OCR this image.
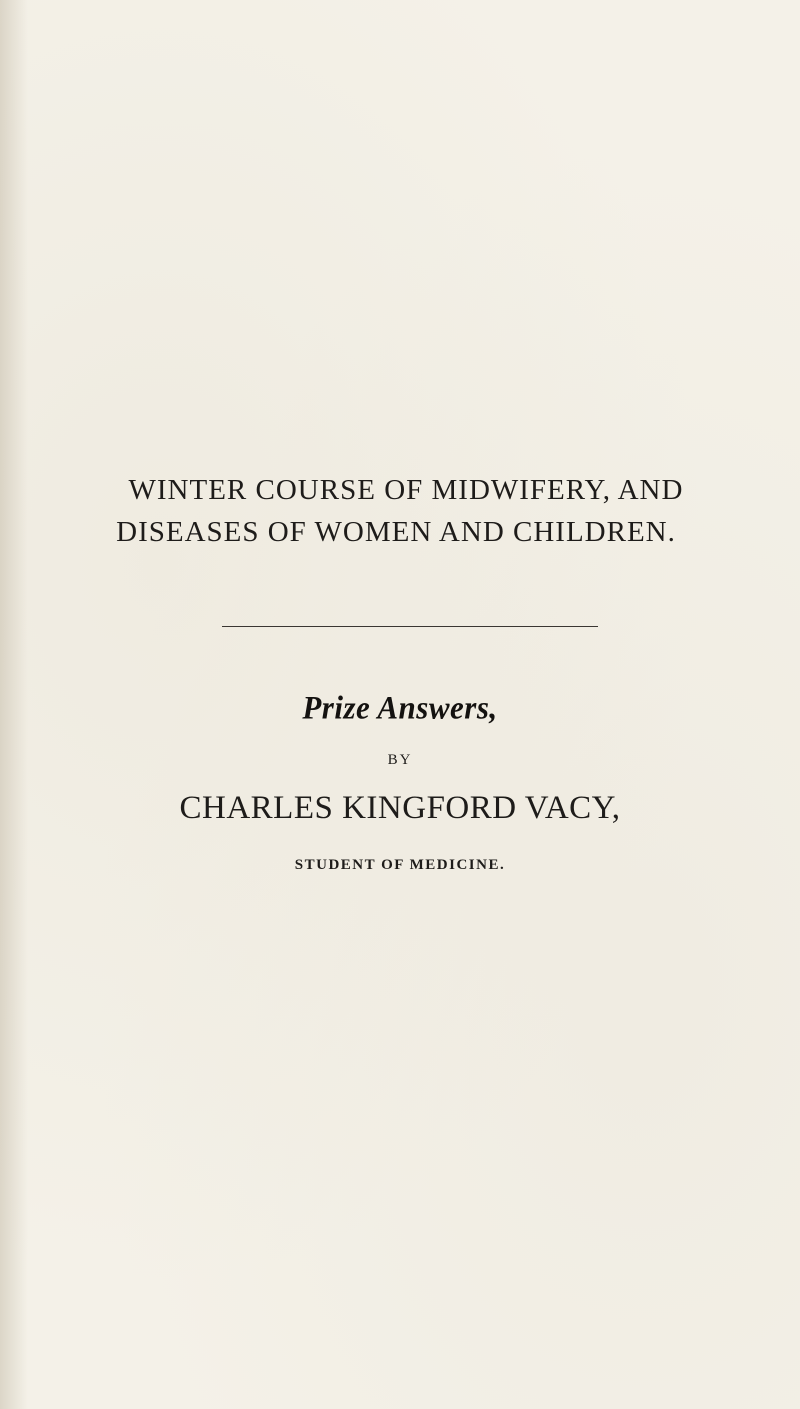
WINTER COURSE OF MIDWIFERY, AND
DISEASES OF WOMEN AND CHILDREN.
Prize Answers,
BY
CHARLES KINGFORD VACY,
STUDENT OF MEDICINE.
